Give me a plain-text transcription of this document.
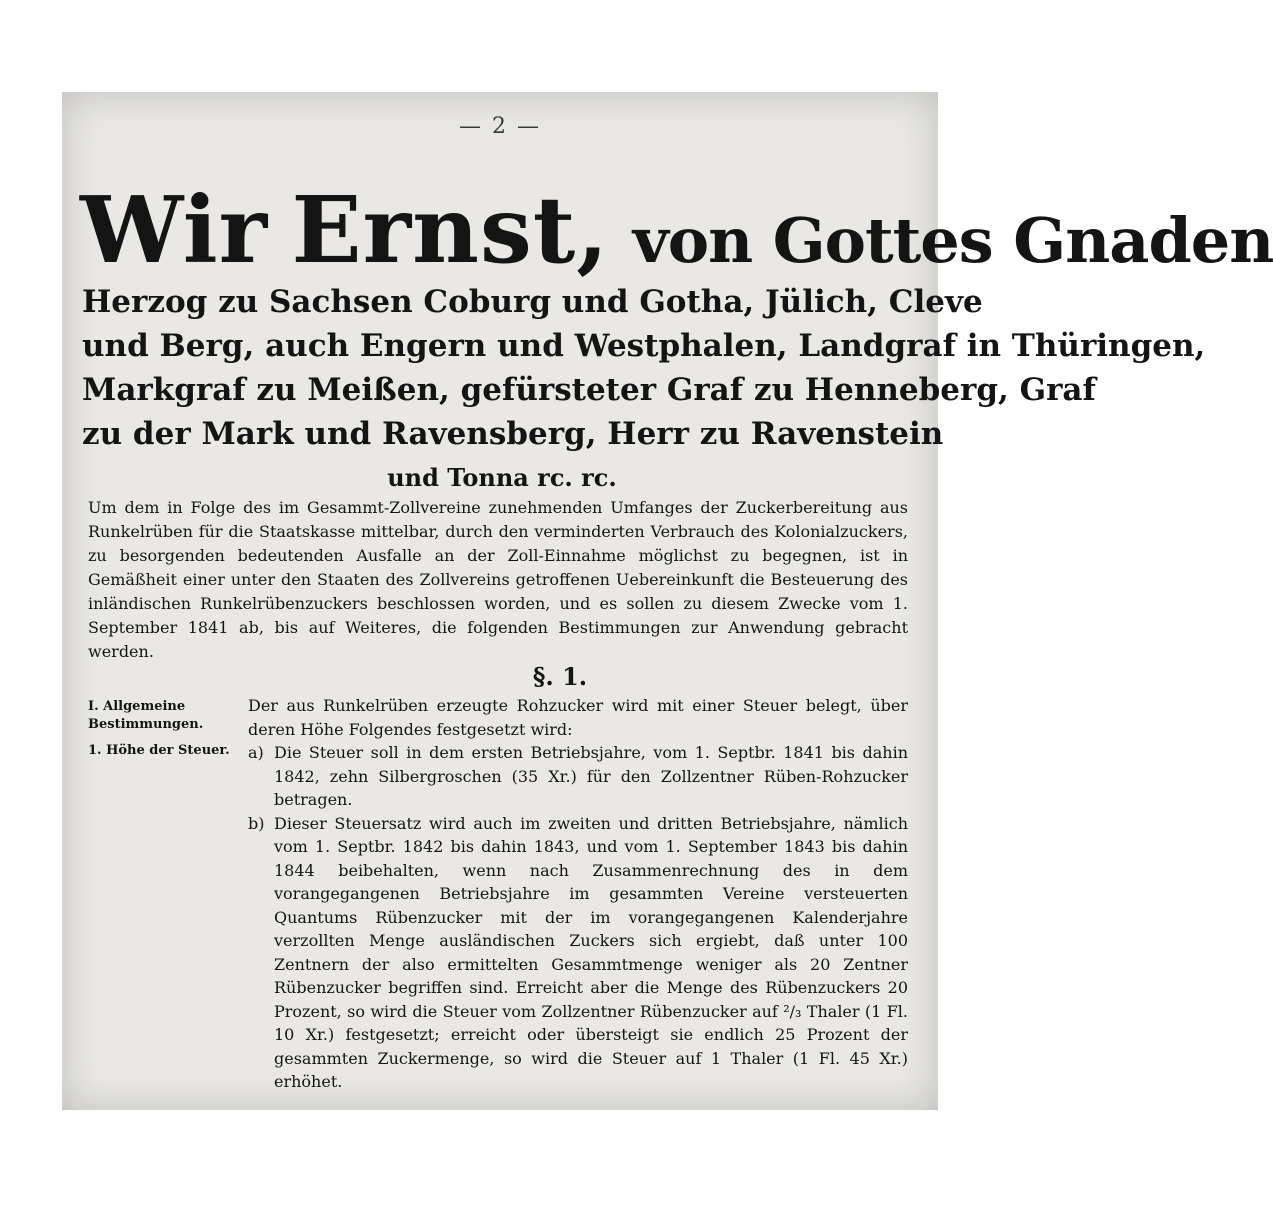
— 2 —
Wir Ernst, von Gottes Gnaden
Herzog zu Sachsen Coburg und Gotha, Jülich, Cleve
und Berg, auch Engern und Westphalen, Landgraf in Thüringen,
Markgraf zu Meißen, gefürsteter Graf zu Henneberg, Graf
zu der Mark und Ravensberg, Herr zu Ravenstein
und Tonna rc. rc.

Um dem in Folge des im Gesammt-Zollvereine zunehmenden Umfanges der Zuckerbereitung aus Runkelrüben für die Staatskasse mittelbar, durch den verminderten Verbrauch des Kolonialzuckers, zu besorgenden bedeutenden Ausfalle an der Zoll-Einnahme möglichst zu begegnen, ist in Gemäßheit einer unter den Staaten des Zollvereins getroffenen Uebereinkunft die Besteuerung des inländischen Runkelrübenzuckers beschlossen worden, und es sollen zu diesem Zwecke vom 1. September 1841 ab, bis auf Weiteres, die folgenden Bestimmungen zur Anwendung gebracht werden.

§. 1.
I. Allgemeine Bestimmungen.
1. Höhe der Steuer.

Der aus Runkelrüben erzeugte Rohzucker wird mit einer Steuer belegt, über deren Höhe Folgendes festgesetzt wird:

a) Die Steuer soll in dem ersten Betriebsjahre, vom 1. Septbr. 1841 bis dahin 1842, zehn Silbergroschen (35 Xr.) für den Zollzentner Rüben-Rohzucker betragen.
b) Dieser Steuersatz wird auch im zweiten und dritten Betriebsjahre, nämlich vom 1. Septbr. 1842 bis dahin 1843, und vom 1. September 1843 bis dahin 1844 beibehalten, wenn nach Zusammenrechnung des in dem vorangegangenen Betriebsjahre im gesammten Vereine versteuerten Quantums Rübenzucker mit der im vorangegangenen Kalenderjahre verzollten Menge ausländischen Zuckers sich ergiebt, daß unter 100 Zentnern der also ermittelten Gesammtmenge weniger als 20 Zentner Rübenzucker begriffen sind. Erreicht aber die Menge des Rübenzuckers 20 Prozent, so wird die Steuer vom Zollzentner Rübenzucker auf ²/₃ Thaler (1 Fl. 10 Xr.) festgesetzt; erreicht oder übersteigt sie endlich 25 Prozent der gesammten Zuckermenge, so wird die Steuer auf 1 Thaler (1 Fl. 45 Xr.) erhöhet.
